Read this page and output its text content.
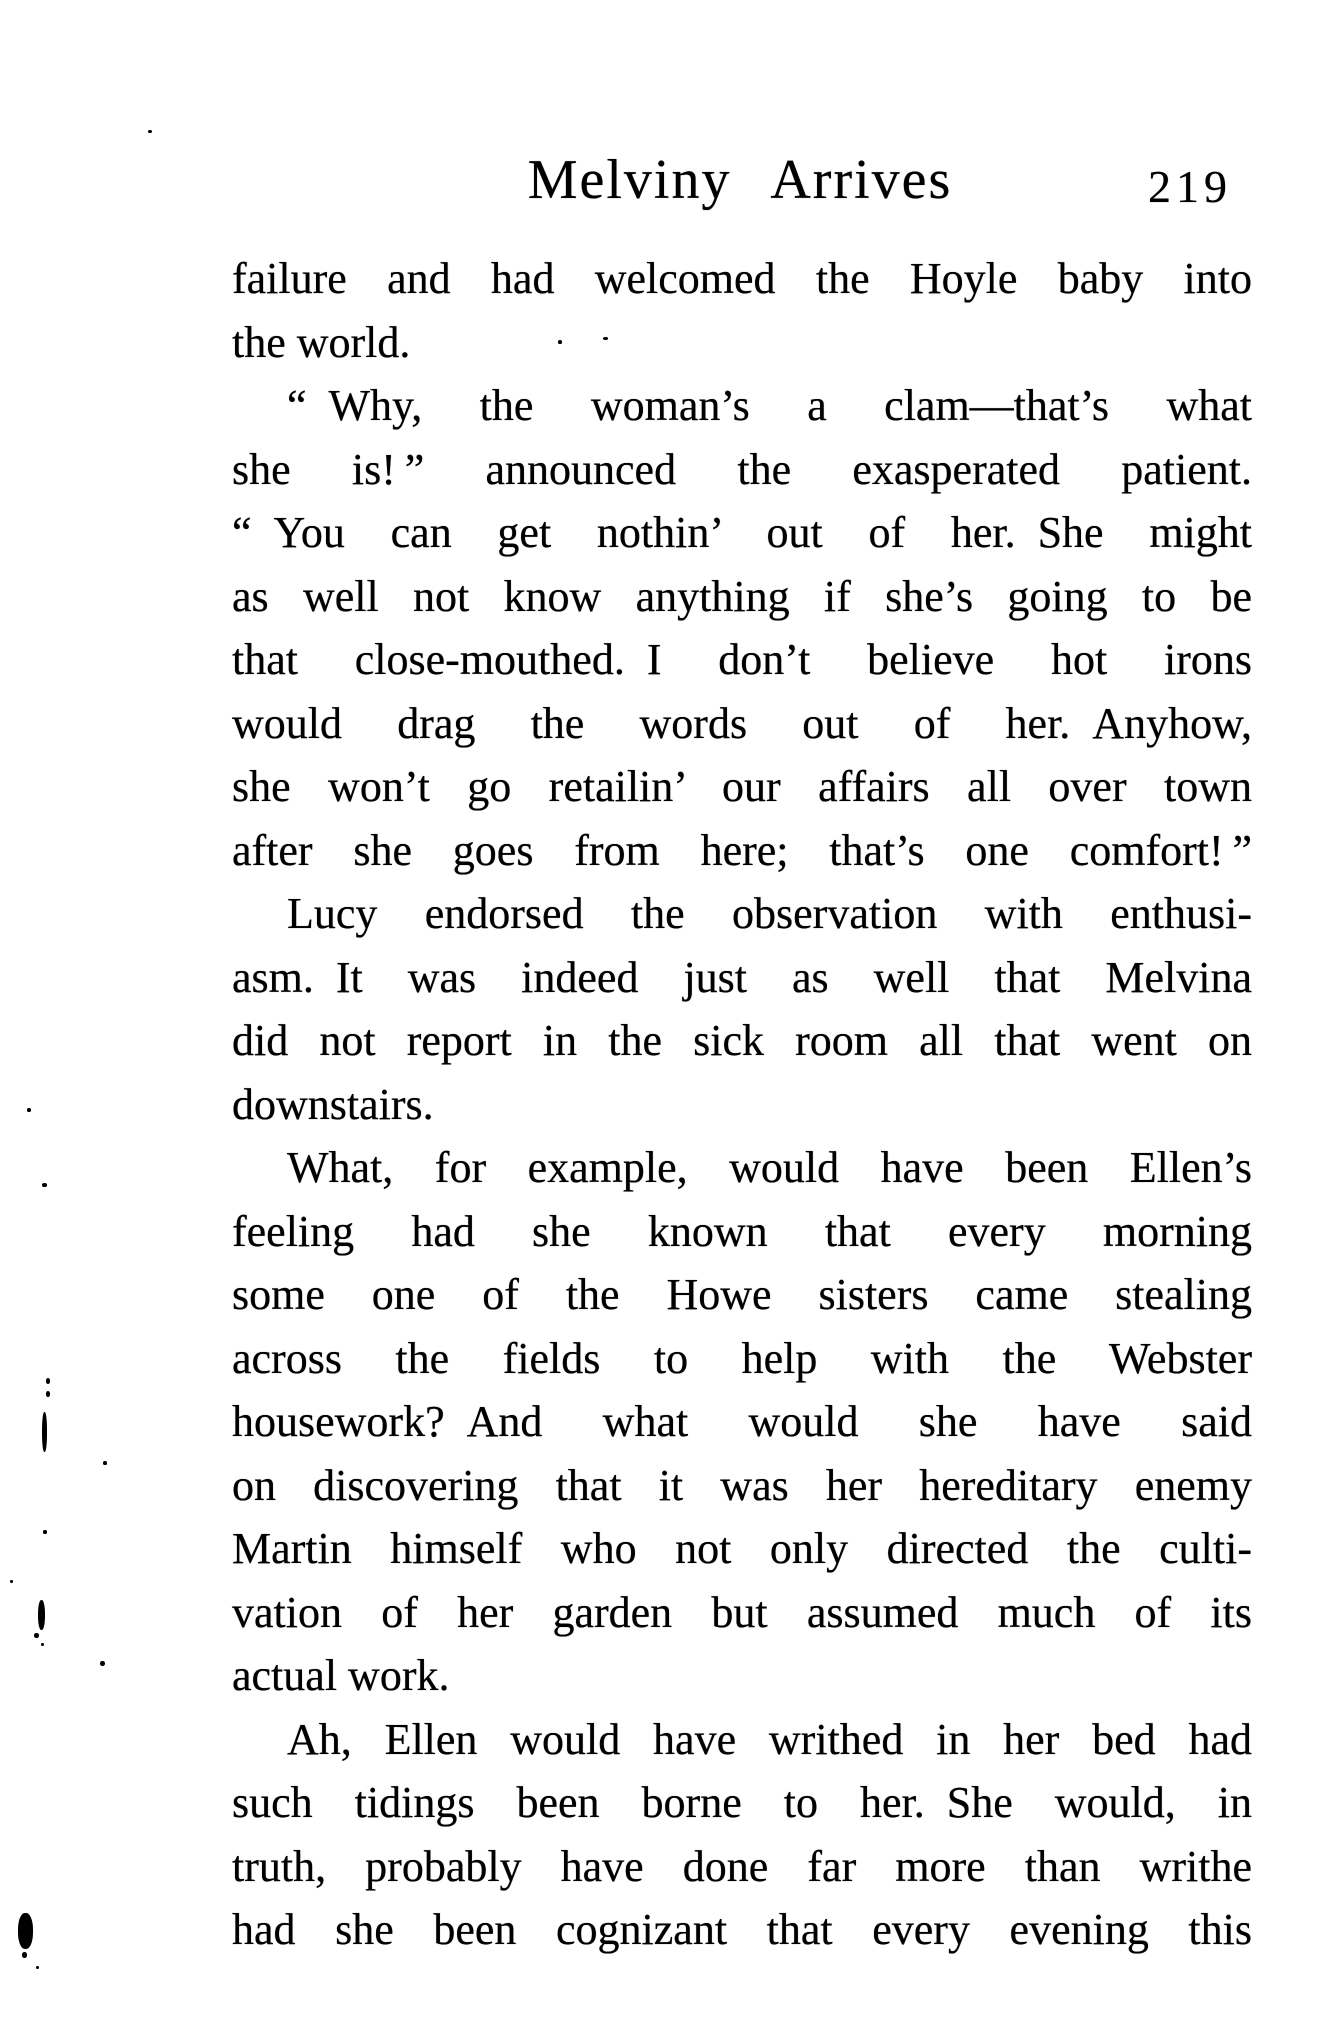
Melviny Arrives	219
failure and had welcomed the Hoyle baby into
the world.
“ Why, the woman’s a clam—that’s what
she is! ” announced the exasperated patient.
“ You can get nothin’ out of her. She might
as well not know anything if she’s going to be
that close-mouthed. I don’t believe hot irons
would drag the words out of her. Anyhow,
she won’t go retailin’ our affairs all over town
after she goes from here; that’s one comfort! ”
Lucy endorsed the observation with enthusi-
asm. It was indeed just as well that Melvina
did not report in the sick room all that went on
downstairs.
What, for example, would have been Ellen’s
feeling had she known that every morning
some one of the Howe sisters came stealing
across the fields to help with the Webster
housework? And what would she have said
on discovering that it was her hereditary enemy
Martin himself who not only directed the culti-
vation of her garden but assumed much of its
actual work.
Ah, Ellen would have writhed in her bed had
such tidings been borne to her. She would, in
truth, probably have done far more than writhe
had she been cognizant that every evening this
